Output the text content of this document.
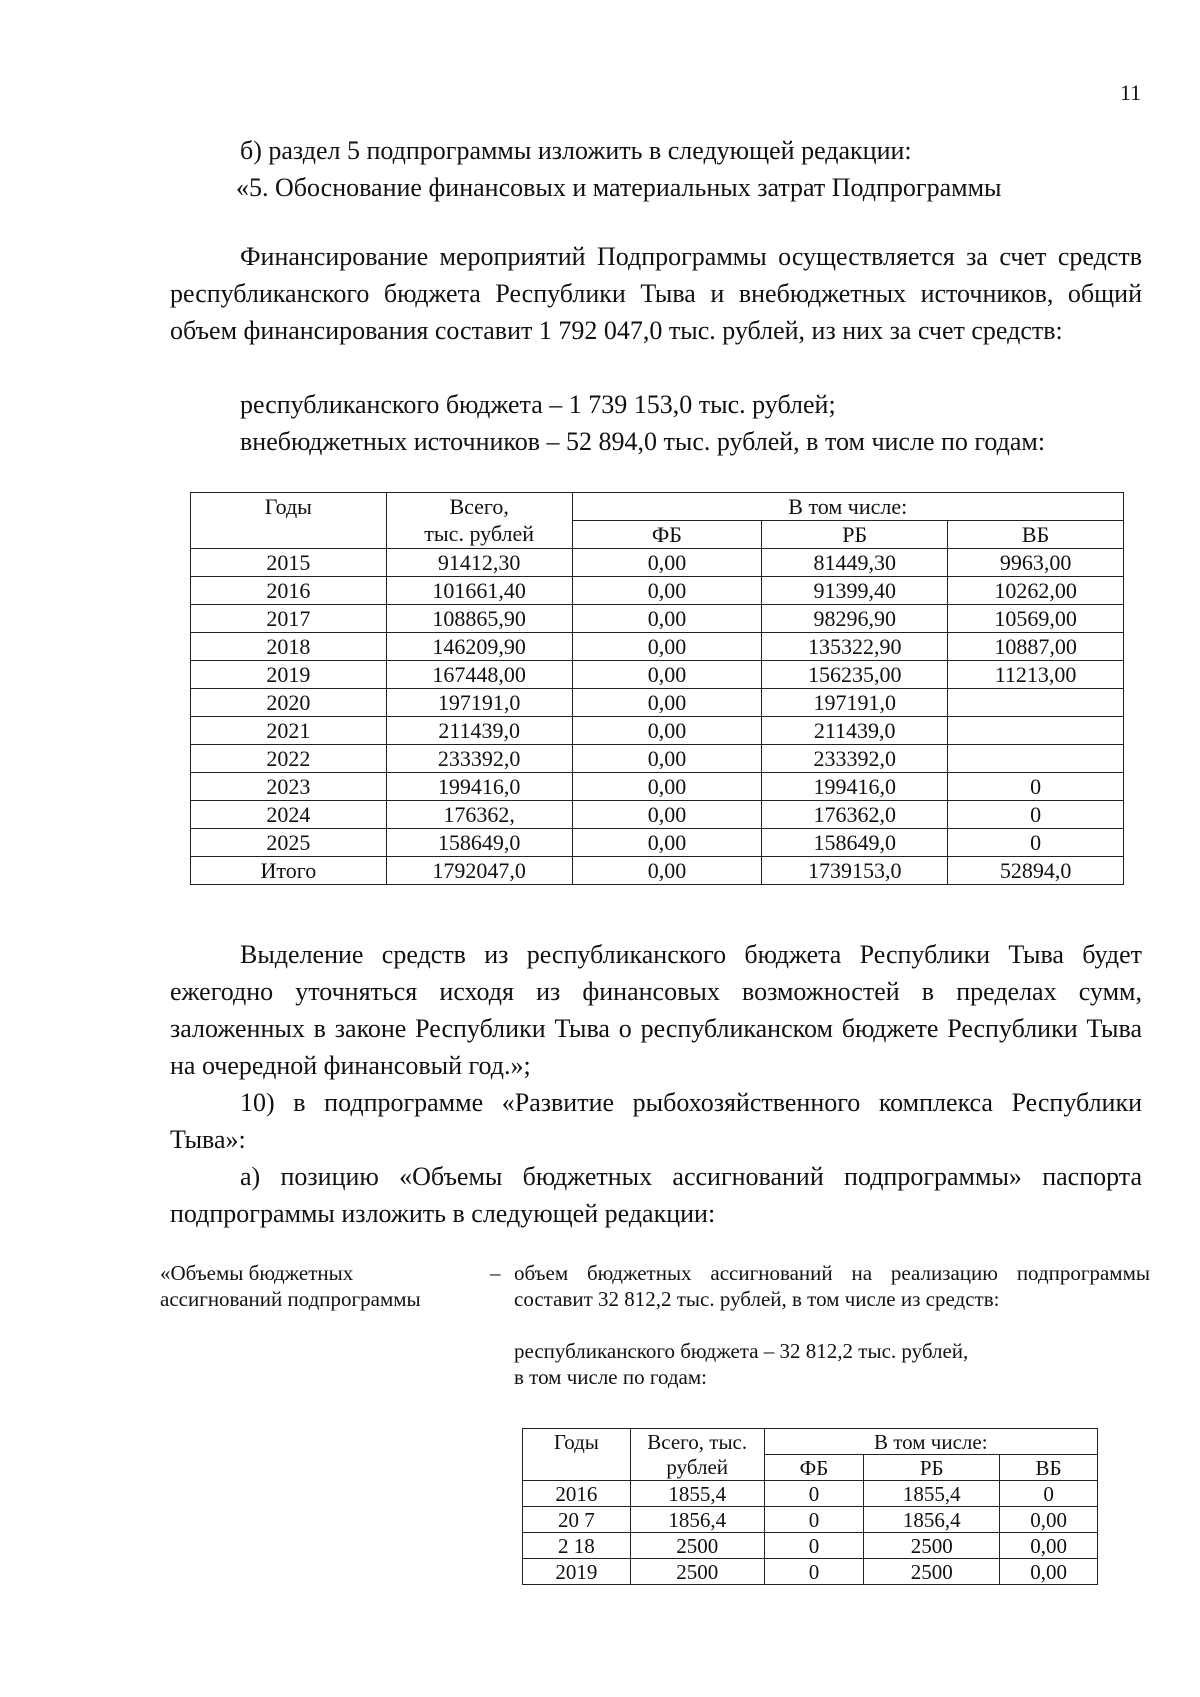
11
б) раздел 5 подпрограммы изложить в следующей редакции:
«5. Обоснование финансовых и материальных затрат Подпрограммы
Финансирование мероприятий Подпрограммы осуществляется за счет средств республиканского бюджета Республики Тыва и внебюджетных источников, общий объем финансирования составит 1 792 047,0 тыс. рублей, из них за счет средств:
республиканского бюджета – 1 739 153,0 тыс. рублей;
внебюджетных источников – 52 894,0 тыс. рублей, в том числе по годам:
Годы	Всего,	В том числе:		
	тыс. рублей	ФБ	РБ	ВБ
2015	91412,30	0,00	81449,30	9963,00
2016	101661,40	0,00	91399,40	10262,00
2017	108865,90	0,00	98296,90	10569,00
2018	146209,90	0,00	135322,90	10887,00
2019	167448,00	0,00	156235,00	11213,00
2020	197191,0	0,00	197191,0	
2021	211439,0	0,00	211439,0	
2022	233392,0	0,00	233392,0	
2023	199416,0	0,00	199416,0	0
2024	176362,	0,00	176362,0	0
2025	158649,0	0,00	158649,0	0
Итого	1792047,0	0,00	1739153,0	52894,0
Выделение средств из республиканского бюджета Республики Тыва будет ежегодно уточняться исходя из финансовых возможностей в пределах сумм, заложенных в законе Республики Тыва о республиканском бюджете Республики Тыва на очередной финансовый год.»;
10) в подпрограмме «Развитие рыбохозяйственного комплекса Республики Тыва»:
а) позицию «Объемы бюджетных ассигнований подпрограммы» паспорта подпрограммы изложить в следующей редакции:
«Объемы бюджетных ассигнований подпрограммы
– объем бюджетных ассигнований на реализацию подпрограммы составит 32 812,2 тыс. рублей, в том числе из средств:
республиканского бюджета – 32 812,2 тыс. рублей,
в том числе по годам:
Годы	Всего, тыс.	В том числе:		
	рублей	ФБ	РБ	ВБ
2016	1855,4	0	1855,4	0
20 7	1856,4	0	1856,4	0,00
2 18	2500	0	2500	0,00
2019	2500	0	2500	0,00
